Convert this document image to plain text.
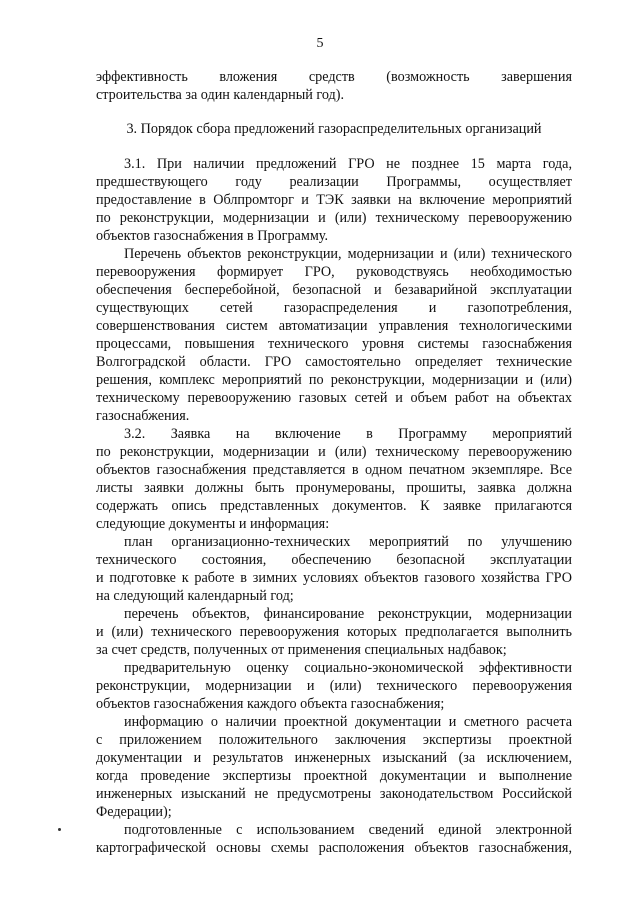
5
эффективность вложения средств (возможность завершения
строительства за один календарный год).
3. Порядок сбора предложений газораспределительных организаций
3.1. При наличии предложений ГРО не позднее 15 марта года,
предшествующего году реализации Программы, осуществляет
предоставление в Облпромторг и ТЭК заявки на включение мероприятий
по реконструкции, модернизации и (или) техническому перевооружению
объектов газоснабжения в Программу.
Перечень объектов реконструкции, модернизации и (или) технического
перевооружения формирует ГРО, руководствуясь необходимостью
обеспечения бесперебойной, безопасной и безаварийной эксплуатации
существующих сетей газораспределения и газопотребления,
совершенствования систем автоматизации управления технологическими
процессами, повышения технического уровня системы газоснабжения
Волгоградской области. ГРО самостоятельно определяет технические
решения, комплекс мероприятий по реконструкции, модернизации и (или)
техническому перевооружению газовых сетей и объем работ на объектах
газоснабжения.
3.2. Заявка на включение в Программу мероприятий
по реконструкции, модернизации и (или) техническому перевооружению
объектов газоснабжения представляется в одном печатном экземпляре. Все
листы заявки должны быть пронумерованы, прошиты, заявка должна
содержать опись представленных документов. К заявке прилагаются
следующие документы и информация:
план организационно-технических мероприятий по улучшению
технического состояния, обеспечению безопасной эксплуатации
и подготовке к работе в зимних условиях объектов газового хозяйства ГРО
на следующий календарный год;
перечень объектов, финансирование реконструкции, модернизации
и (или) технического перевооружения которых предполагается выполнить
за счет средств, полученных от применения специальных надбавок;
предварительную оценку социально-экономической эффективности
реконструкции, модернизации и (или) технического перевооружения
объектов газоснабжения каждого объекта газоснабжения;
информацию о наличии проектной документации и сметного расчета
с приложением положительного заключения экспертизы проектной
документации и результатов инженерных изысканий (за исключением,
когда проведение экспертизы проектной документации и выполнение
инженерных изысканий не предусмотрены законодательством Российской
Федерации);
подготовленные с использованием сведений единой электронной
картографической основы схемы расположения объектов газоснабжения,
